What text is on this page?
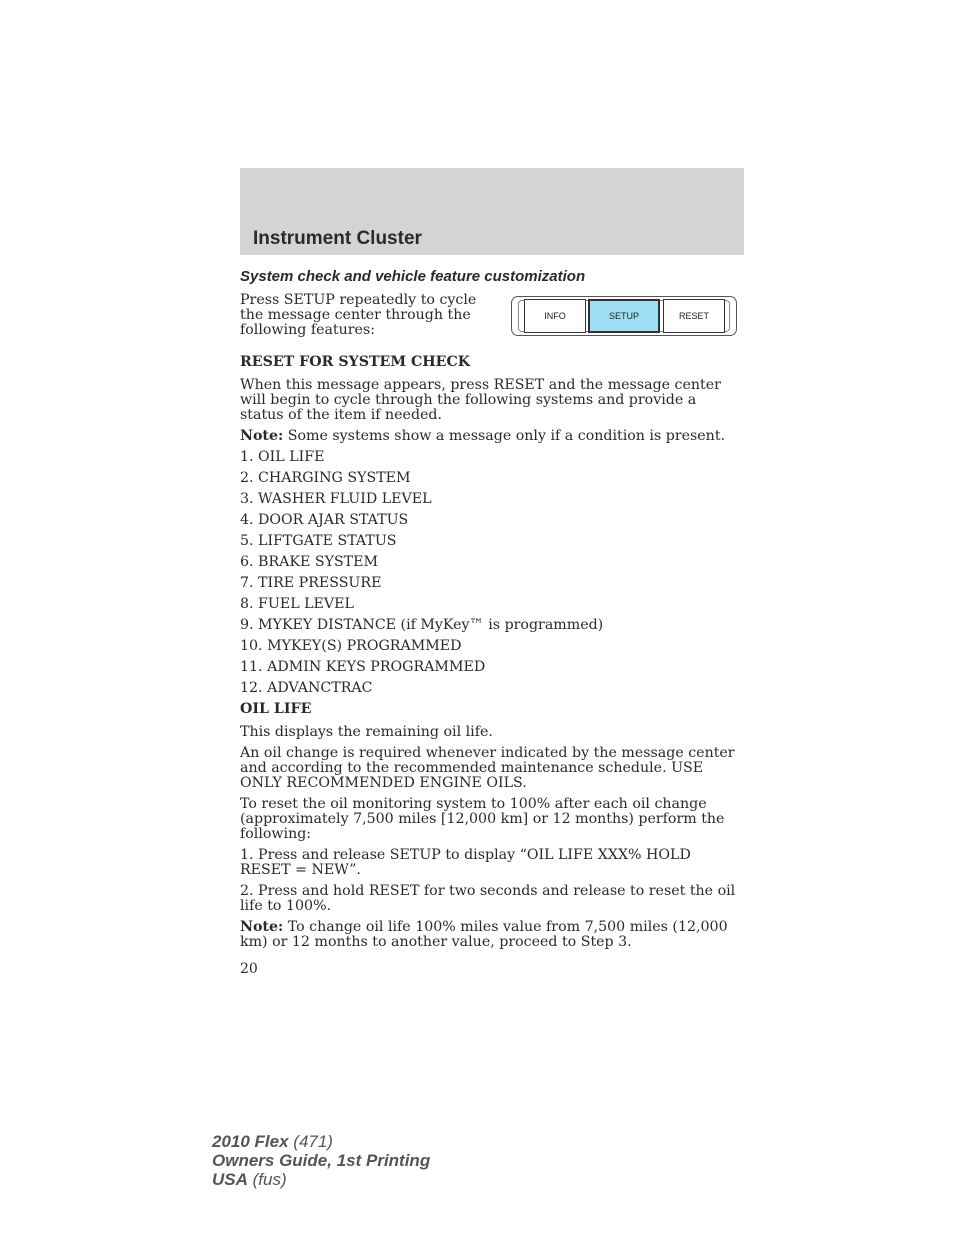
Instrument Cluster
System check and vehicle feature customization
Press SETUP repeatedly to cycle the message center through the following features:
INFO	SETUP	RESET

RESET FOR SYSTEM CHECK

When this message appears, press RESET and the message center will begin to cycle through the following systems and provide a status of the item if needed.

Note: Some systems show a message only if a condition is present.

1. OIL LIFE

2. CHARGING SYSTEM

3. WASHER FLUID LEVEL

4. DOOR AJAR STATUS

5. LIFTGATE STATUS

6. BRAKE SYSTEM

7. TIRE PRESSURE

8. FUEL LEVEL

9. MYKEY DISTANCE (if MyKey™ is programmed)

10. MYKEY(S) PROGRAMMED

11. ADMIN KEYS PROGRAMMED

12. ADVANCTRAC

OIL LIFE

This displays the remaining oil life.

An oil change is required whenever indicated by the message center and according to the recommended maintenance schedule. USE ONLY RECOMMENDED ENGINE OILS.

To reset the oil monitoring system to 100% after each oil change (approximately 7,500 miles [12,000 km] or 12 months) perform the following:

1. Press and release SETUP to display “OIL LIFE XXX% HOLD RESET = NEW”.

2. Press and hold RESET for two seconds and release to reset the oil life to 100%.

Note: To change oil life 100% miles value from 7,500 miles (12,000 km) or 12 months to another value, proceed to Step 3.

20
2010 Flex (471)
Owners Guide, 1st Printing
USA (fus)
